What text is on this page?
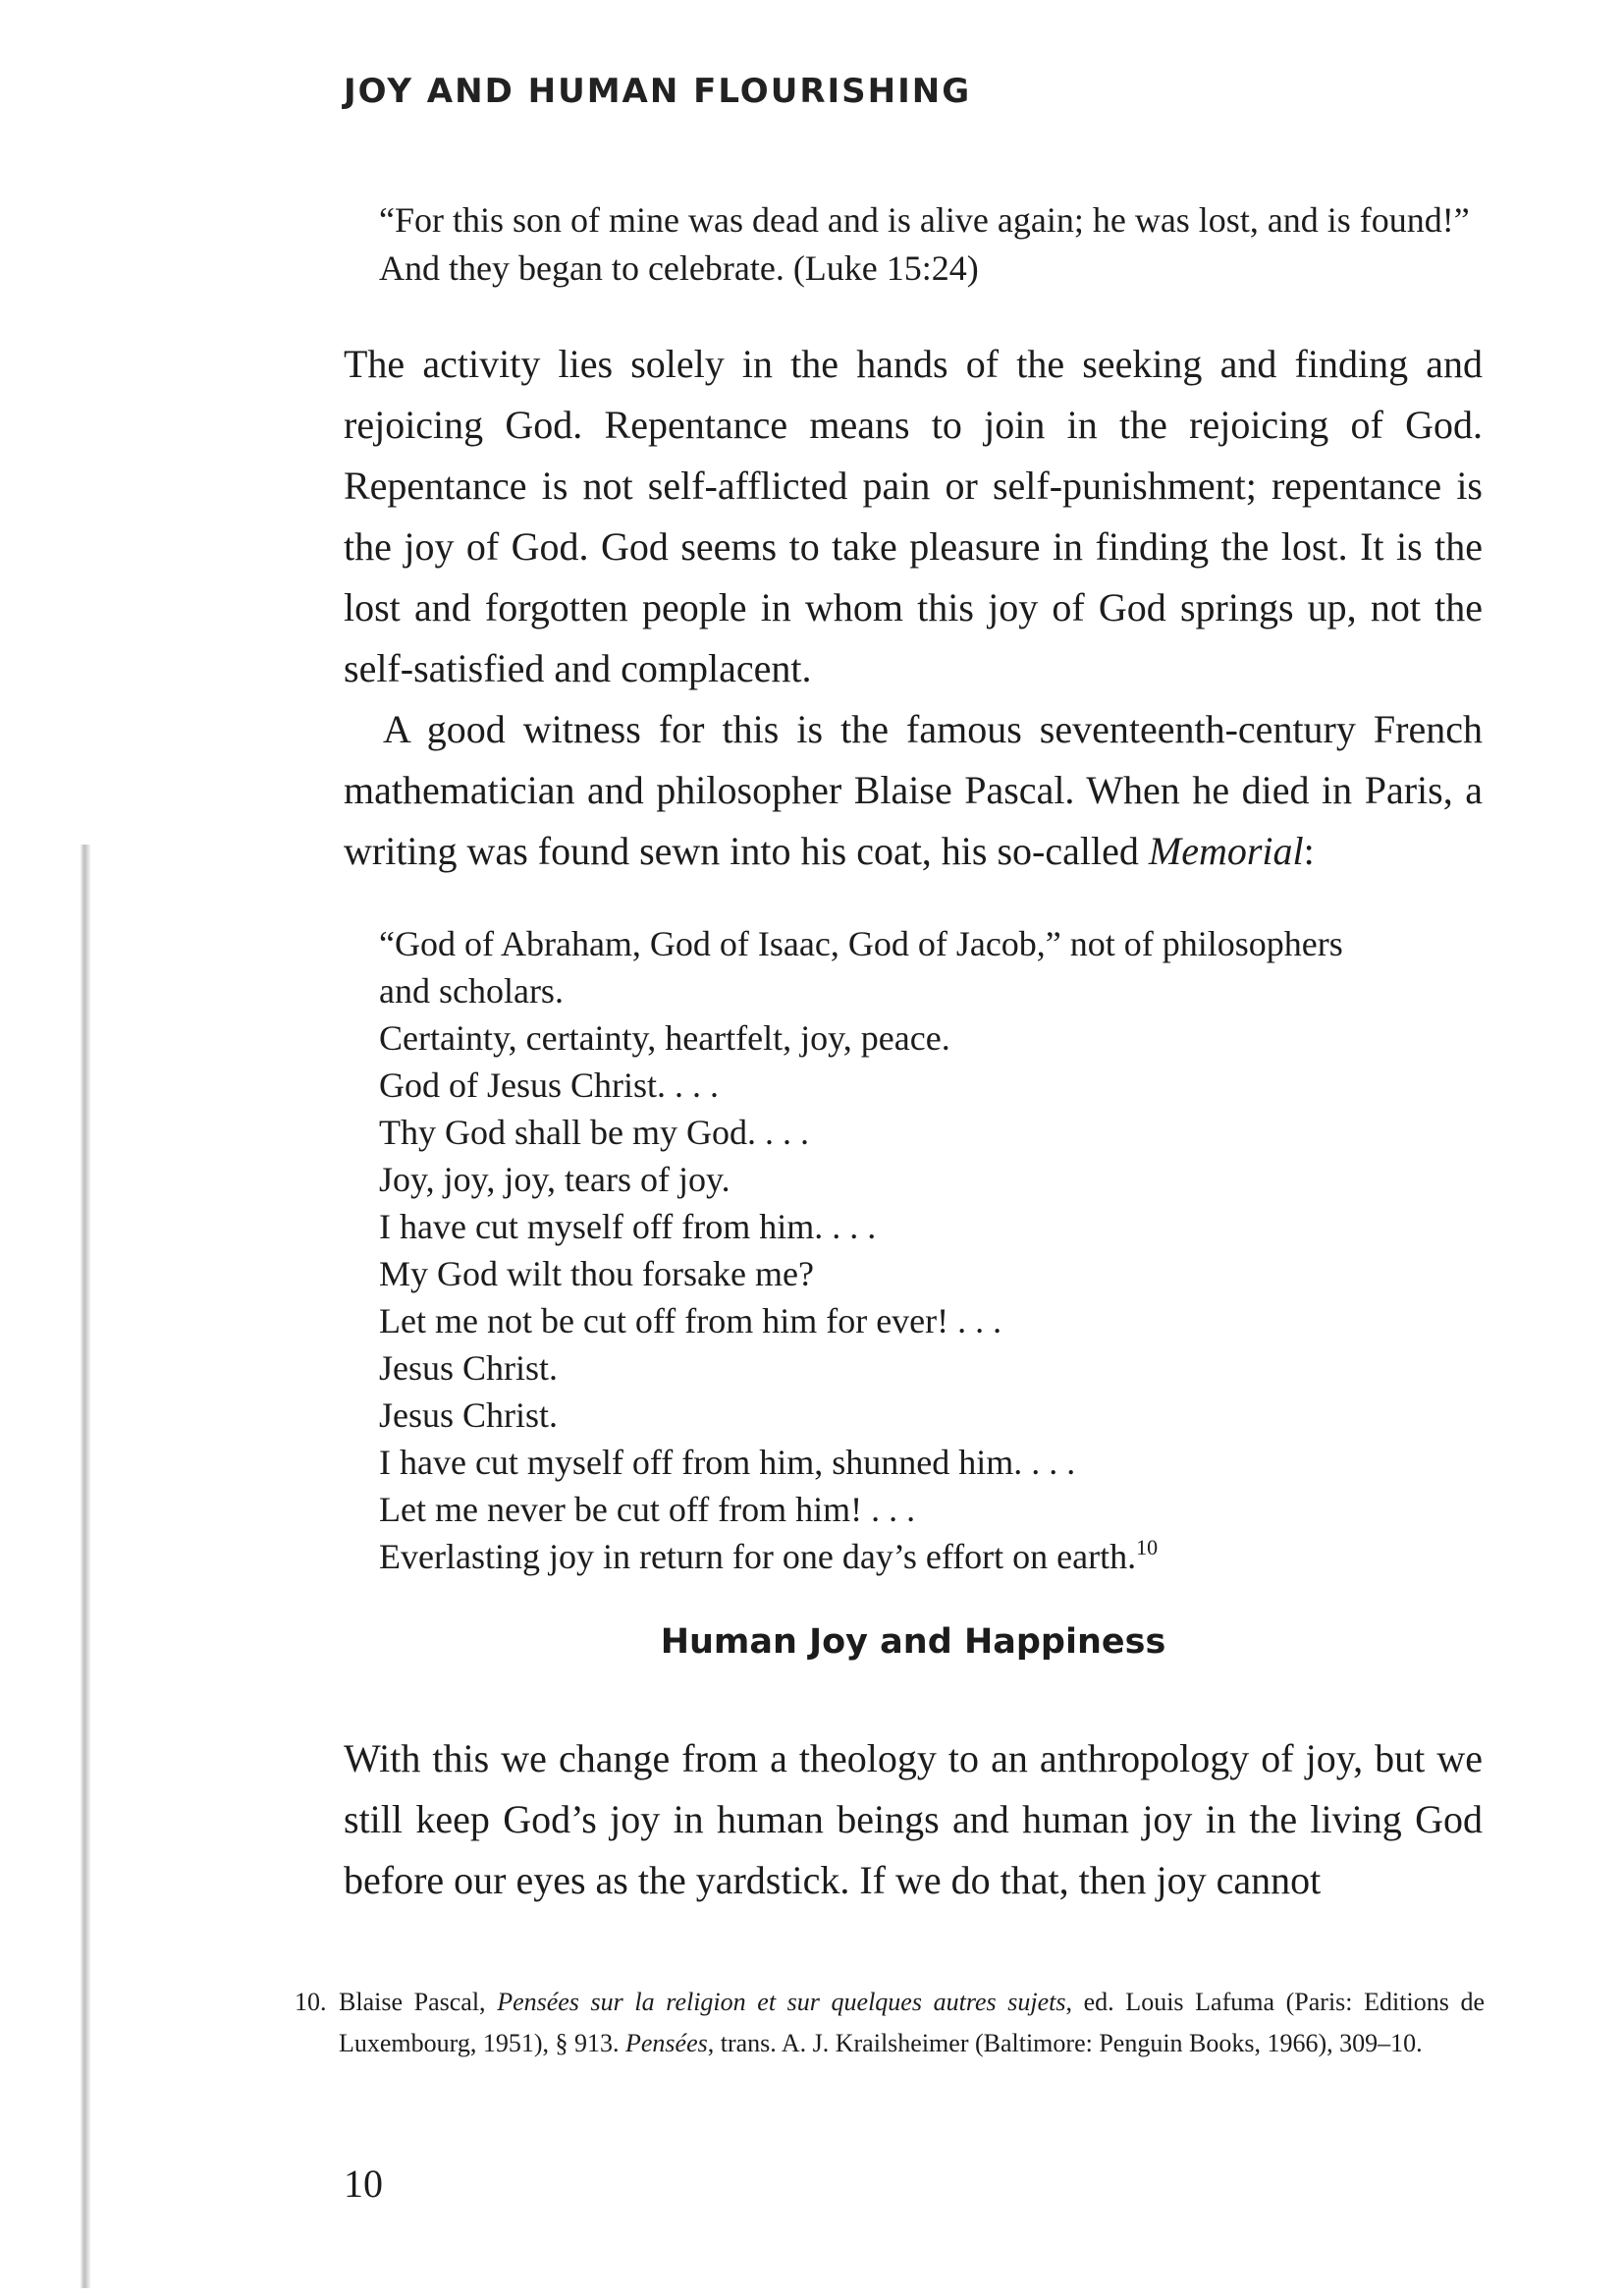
JOY AND HUMAN FLOURISHING

“For this son of mine was dead and is alive again; he was lost, and is found!” And they began to celebrate. (Luke 15:24)

The activity lies solely in the hands of the seeking and finding and rejoicing God. Repentance means to join in the rejoicing of God. Repentance is not self-afflicted pain or self-punishment; repentance is the joy of God. God seems to take pleasure in finding the lost. It is the lost and forgotten people in whom this joy of God springs up, not the self-satisfied and complacent.

A good witness for this is the famous seventeenth-century French mathematician and philosopher Blaise Pascal. When he died in Paris, a writing was found sewn into his coat, his so-called Memorial:

“God of Abraham, God of Isaac, God of Jacob,” not of philosophers
and scholars.
Certainty, certainty, heartfelt, joy, peace.
God of Jesus Christ. . . .
Thy God shall be my God. . . .
Joy, joy, joy, tears of joy.
I have cut myself off from him. . . .
My God wilt thou forsake me?
Let me not be cut off from him for ever! . . .
Jesus Christ.
Jesus Christ.
I have cut myself off from him, shunned him. . . .
Let me never be cut off from him! . . .
Everlasting joy in return for one day’s effort on earth.$^{10}$
Human Joy and Happiness

With this we change from a theology to an anthropology of joy, but we still keep God’s joy in human beings and human joy in the living God before our eyes as the yardstick. If we do that, then joy cannot

10. Blaise Pascal, Pensées sur la religion et sur quelques autres sujets, ed. Louis Lafuma (Paris: Editions de Luxembourg, 1951), § 913. Pensées, trans. A. J. Krailsheimer (Baltimore: Penguin Books, 1966), 309–10.

10
